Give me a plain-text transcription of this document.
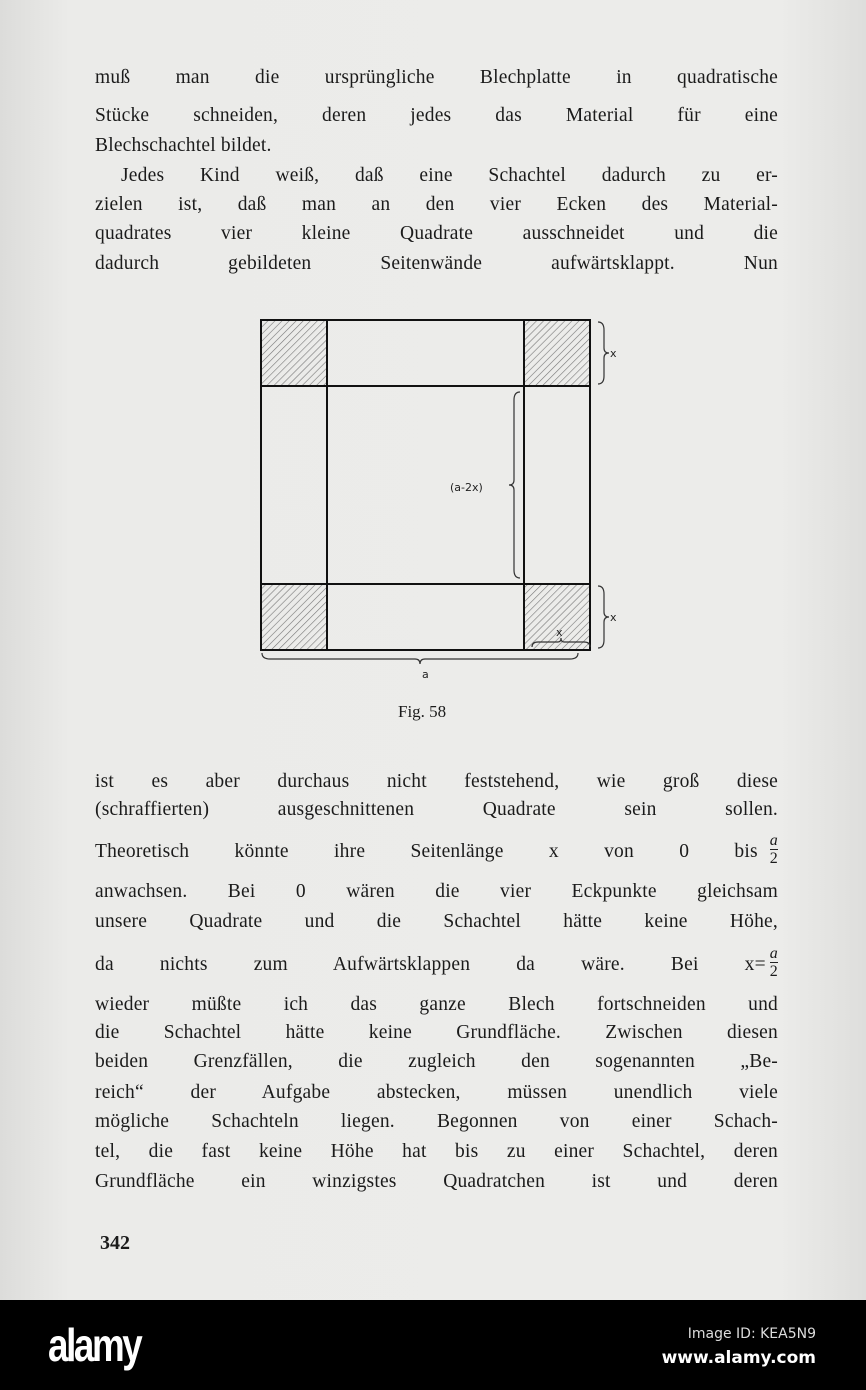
muß man die ursprüngliche Blechplatte in quadratische
Stücke schneiden, deren jedes das Material für eine
Blechschachtel bildet.
Jedes Kind weiß, daß eine Schachtel dadurch zu er-
zielen ist, daß man an den vier Ecken des Material-
quadrates vier kleine Quadrate ausschneidet und die
dadurch gebildeten Seitenwände aufwärtsklappt. Nun
x
(a-2x)
x
x
a
Fig. 58
ist es aber durchaus nicht feststehend, wie groß diese
(schraffierten) ausgeschnittenen Quadrate sein sollen.
Theoretisch könnte ihre Seitenlänge x von 0 bis $\frac{a}{2}$
anwachsen. Bei 0 wären die vier Eckpunkte gleichsam
unsere Quadrate und die Schachtel hätte keine Höhe,
da nichts zum Aufwärtsklappen da wäre. Bei $x= \frac{a}{2}$
wieder müßte ich das ganze Blech fortschneiden und
die Schachtel hätte keine Grundfläche. Zwischen diesen
beiden Grenzfällen, die zugleich den sogenannten „Be-
reich“ der Aufgabe abstecken, müssen unendlich viele
mögliche Schachteln liegen. Begonnen von einer Schach-
tel, die fast keine Höhe hat bis zu einer Schachtel, deren
Grundfläche ein winzigstes Quadratchen ist und deren
342
alamy	Image ID: KEA5N9
www.alamy.com
